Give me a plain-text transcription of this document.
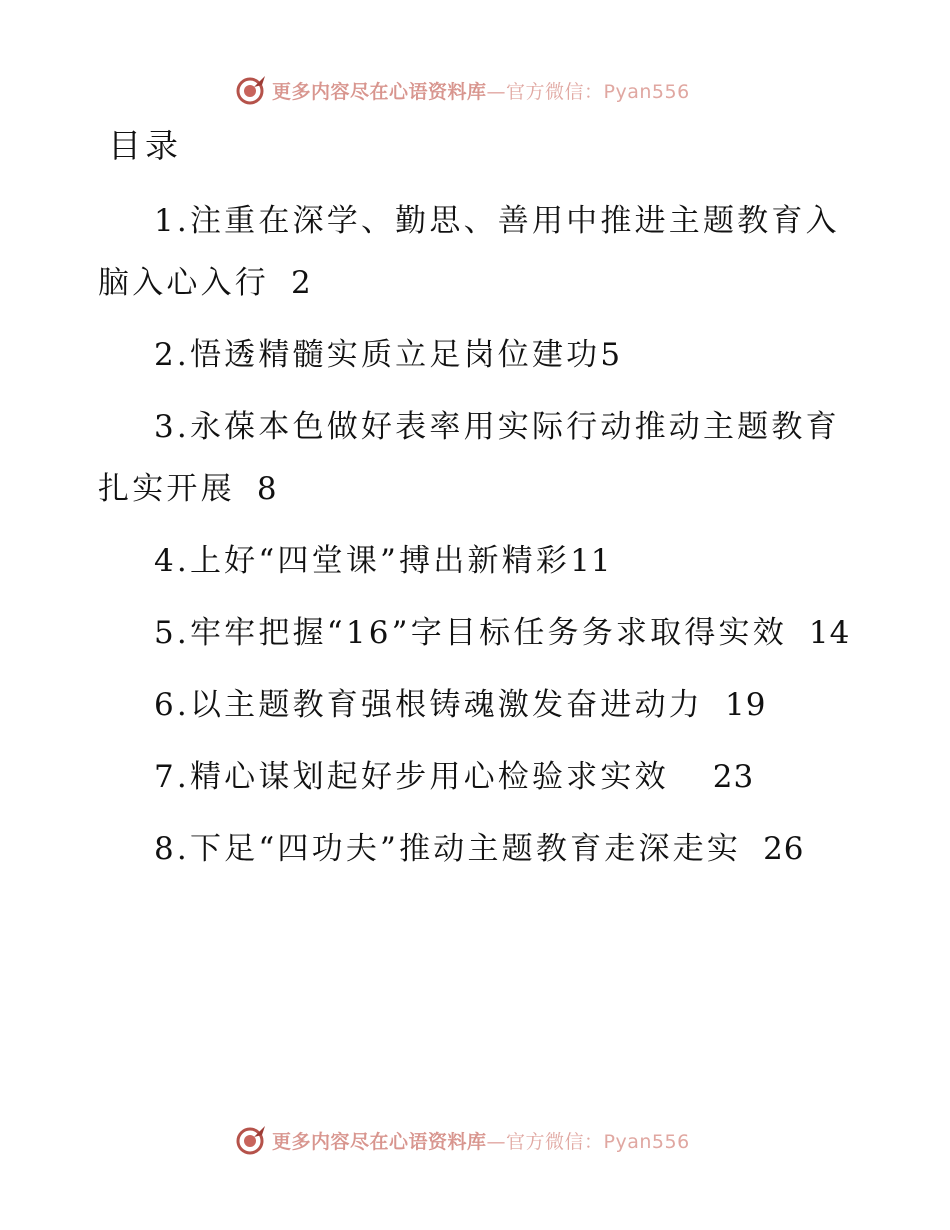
更多内容尽在心语资料库—官方微信：Pyan556
目录
1.注重在深学、勤思、善用中推进主题教育入脑入心入行 2
2.悟透精髓实质立足岗位建功5
3.永葆本色做好表率用实际行动推动主题教育扎实开展 8
4.上好“四堂课”搏出新精彩11
5.牢牢把握“16”字目标任务务求取得实效 14
6.以主题教育强根铸魂激发奋进动力 19
7.精心谋划起好步用心检验求实效 23
8.下足“四功夫”推动主题教育走深走实 26
更多内容尽在心语资料库—官方微信：Pyan556
